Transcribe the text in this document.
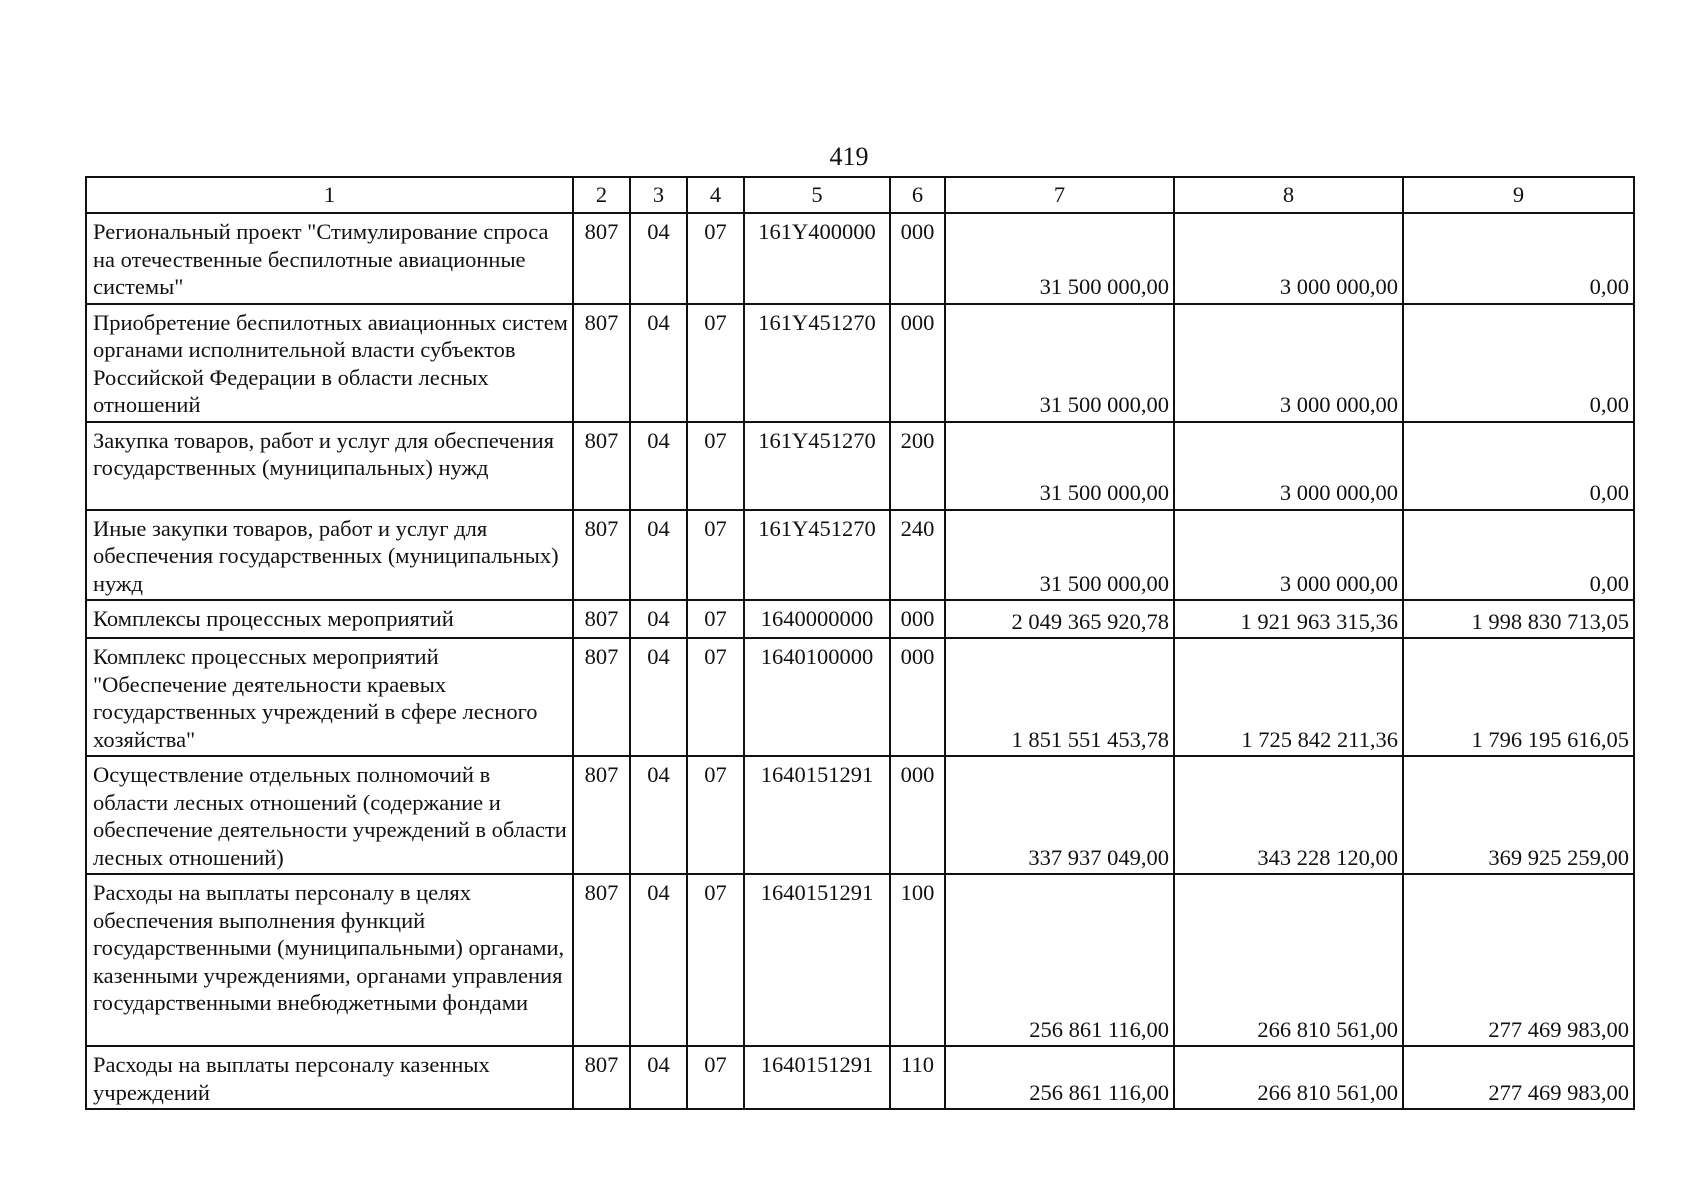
419
1	2	3	4	5	6	7	8	9
Региональный проект "Стимулирование спроса на отечественные беспилотные авиационные системы"	807	04	07	161Y400000	000	31 500 000,00	3 000 000,00	0,00
Приобретение беспилотных авиационных систем органами исполнительной власти субъектов Российской Федерации в области лесных отношений	807	04	07	161Y451270	000	31 500 000,00	3 000 000,00	0,00
Закупка товаров, работ и услуг для обеспечения государственных (муниципальных) нужд	807	04	07	161Y451270	200	31 500 000,00	3 000 000,00	0,00
Иные закупки товаров, работ и услуг для обеспечения государственных (муниципальных) нужд	807	04	07	161Y451270	240	31 500 000,00	3 000 000,00	0,00
Комплексы процессных мероприятий	807	04	07	1640000000	000	2 049 365 920,78	1 921 963 315,36	1 998 830 713,05
Комплекс процессных мероприятий "Обеспечение деятельности краевых государственных учреждений в сфере лесного хозяйства"	807	04	07	1640100000	000	1 851 551 453,78	1 725 842 211,36	1 796 195 616,05
Осуществление отдельных полномочий в области лесных отношений (содержание и обеспечение деятельности учреждений в области лесных отношений)	807	04	07	1640151291	000	337 937 049,00	343 228 120,00	369 925 259,00
Расходы на выплаты персоналу в целях обеспечения выполнения функций государственными (муниципальными) органами, казенными учреждениями, органами управления государственными внебюджетными фондами	807	04	07	1640151291	100	256 861 116,00	266 810 561,00	277 469 983,00
Расходы на выплаты персоналу казенных учреждений	807	04	07	1640151291	110	256 861 116,00	266 810 561,00	277 469 983,00
